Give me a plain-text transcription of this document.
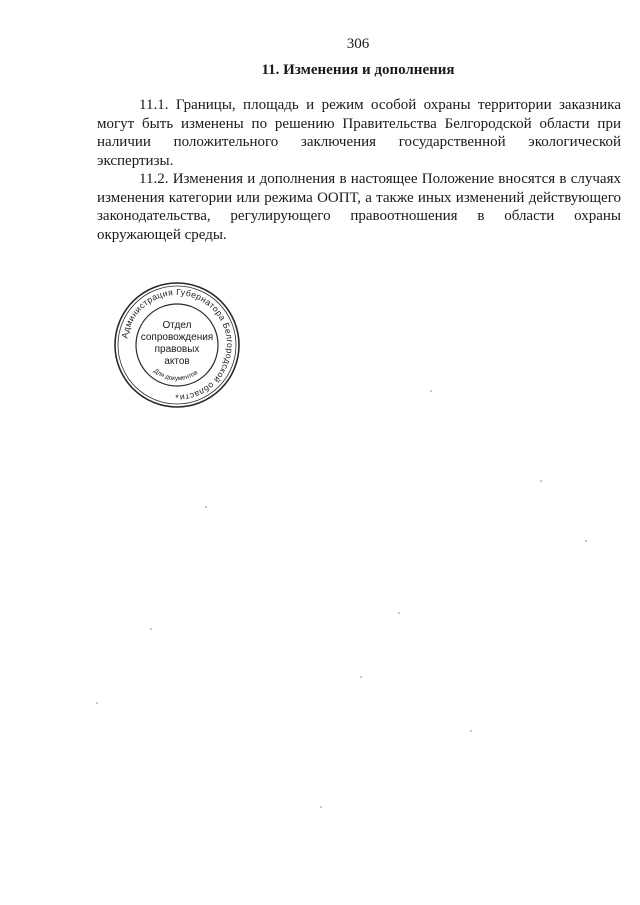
306
11. Изменения и дополнения

11.1. Границы, площадь и режим особой охраны территории заказника могут быть изменены по решению Правительства Белгородской области при наличии положительного заключения государственной экологической экспертизы.

11.2. Изменения и дополнения в настоящее Положение вносятся в случаях изменения категории или режима ООПТ, а также иных изменений действующего законодательства, регулирующего правоотношения в области охраны окружающей среды.

Администрация Губернатора Белгородской области
Отдел
сопровождения
правовых
актов
Для документов
*
